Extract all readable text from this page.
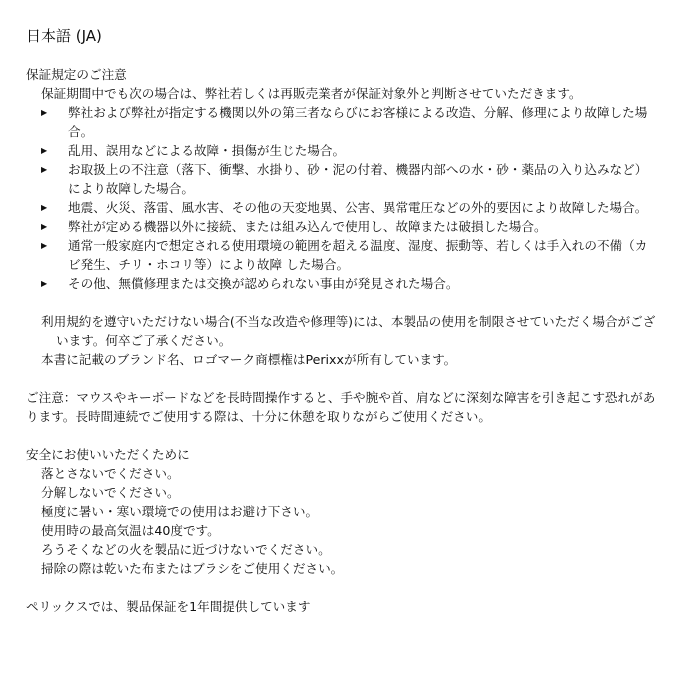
日本語 (JA)
保証規定のご注意
保証期間中でも次の場合は、弊社若しくは再販売業者が保証対象外と判断させていただきます。
▶ 弊社および弊社が指定する機関以外の第三者ならびにお客様による改造、分解、修理により故障した場合。
▶ 乱用、誤用などによる故障・損傷が生じた場合。
▶ お取扱上の不注意（落下、衝撃、水掛り、砂・泥の付着、機器内部への水・砂・薬品の入り込みなど）により故障した場合。
▶ 地震、火災、落雷、風水害、その他の天変地異、公害、異常電圧などの外的要因により故障した場合。
▶ 弊社が定める機器以外に接続、または組み込んで使用し、故障または破損した場合。
▶ 通常一般家庭内で想定される使用環境の範囲を超える温度、湿度、振動等、若しくは手入れの不備（カビ発生、チリ・ホコリ等）により故障 した場合。
▶ その他、無償修理または交換が認められない事由が発見された場合。
利用規約を遵守いただけない場合(不当な改造や修理等)には、本製品の使用を制限させていただく場合がございます。何卒ご了承ください。
本書に記載のブランド名、ロゴマーク商標権はPerixxが所有しています。
ご注意：マウスやキーボードなどを長時間操作すると、手や腕や首、肩などに深刻な障害を引き起こす恐れがあります。長時間連続でご使用する際は、十分に休憩を取りながらご使用ください。
安全にお使いいただくために
落とさないでください。
分解しないでください。
極度に暑い・寒い環境での使用はお避け下さい。
使用時の最高気温は40度です。
ろうそくなどの火を製品に近づけないでください。
掃除の際は乾いた布またはブラシをご使用ください。
ペリックスでは、製品保証を1年間提供しています
